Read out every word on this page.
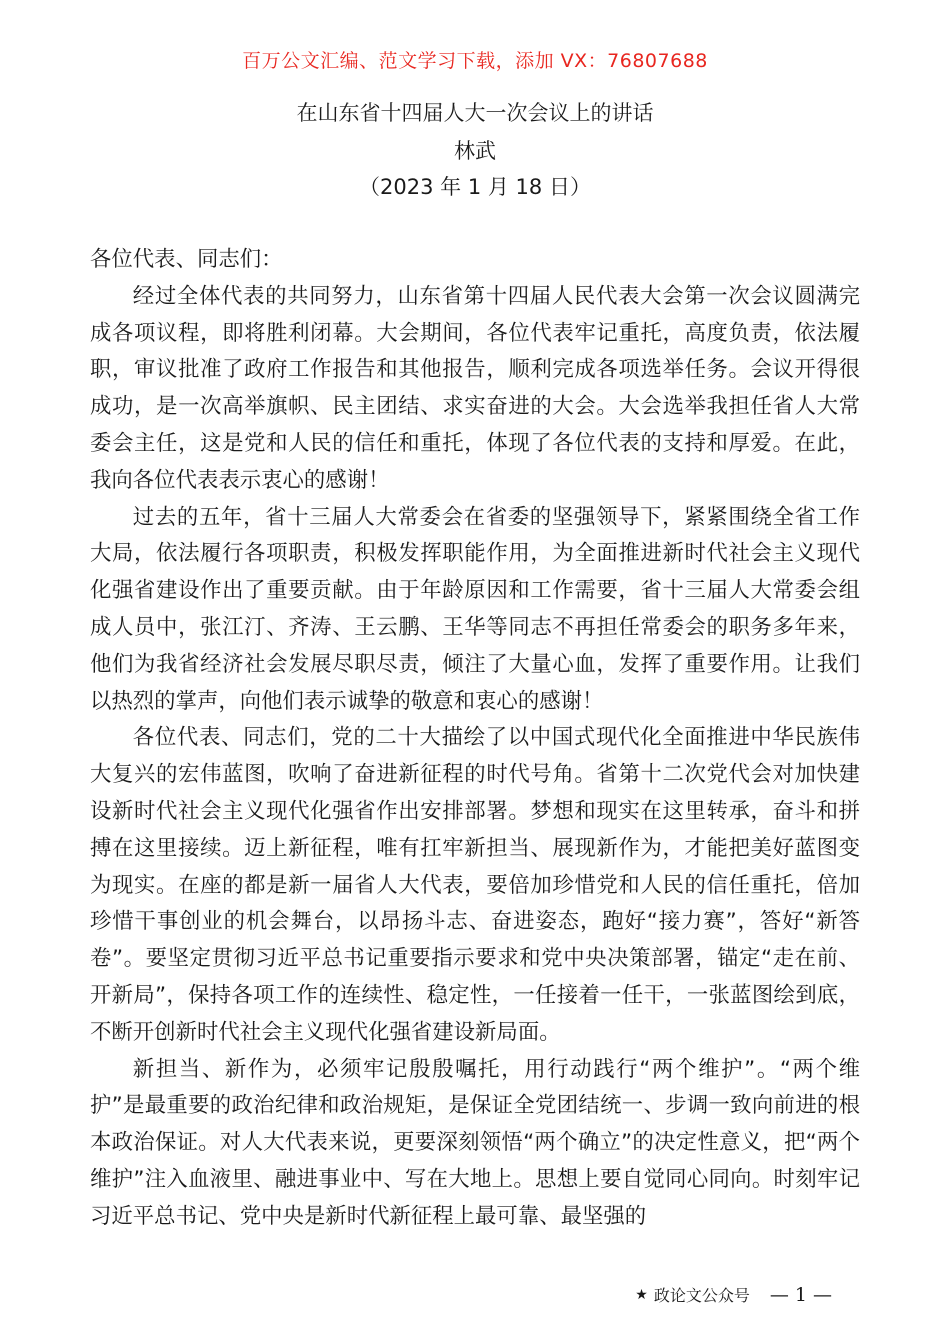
百万公文汇编、范文学习下载，添加 VX：76807688
在山东省十四届人大一次会议上的讲话
林武
（2023 年 1 月 18 日）

各位代表、同志们：

经过全体代表的共同努力，山东省第十四届人民代表大会第一次会议圆满完成各项议程，即将胜利闭幕。大会期间，各位代表牢记重托，高度负责，依法履职，审议批准了政府工作报告和其他报告，顺利完成各项选举任务。会议开得很成功，是一次高举旗帜、民主团结、求实奋进的大会。大会选举我担任省人大常委会主任，这是党和人民的信任和重托，体现了各位代表的支持和厚爱。在此，我向各位代表表示衷心的感谢！

过去的五年，省十三届人大常委会在省委的坚强领导下，紧紧围绕全省工作大局，依法履行各项职责，积极发挥职能作用，为全面推进新时代社会主义现代化强省建设作出了重要贡献。由于年龄原因和工作需要，省十三届人大常委会组成人员中，张江汀、齐涛、王云鹏、王华等同志不再担任常委会的职务多年来，他们为我省经济社会发展尽职尽责，倾注了大量心血，发挥了重要作用。让我们以热烈的掌声，向他们表示诚挚的敬意和衷心的感谢！

各位代表、同志们，党的二十大描绘了以中国式现代化全面推进中华民族伟大复兴的宏伟蓝图，吹响了奋进新征程的时代号角。省第十二次党代会对加快建设新时代社会主义现代化强省作出安排部署。梦想和现实在这里转承，奋斗和拼搏在这里接续。迈上新征程，唯有扛牢新担当、展现新作为，才能把美好蓝图变为现实。在座的都是新一届省人大代表，要倍加珍惜党和人民的信任重托，倍加珍惜干事创业的机会舞台，以昂扬斗志、奋进姿态，跑好“接力赛”，答好“新答卷”。要坚定贯彻习近平总书记重要指示要求和党中央决策部署，锚定“走在前、开新局”，保持各项工作的连续性、稳定性，一任接着一任干，一张蓝图绘到底，不断开创新时代社会主义现代化强省建设新局面。

新担当、新作为，必须牢记殷殷嘱托，用行动践行“两个维护”。“两个维护”是最重要的政治纪律和政治规矩，是保证全党团结统一、步调一致向前进的根本政治保证。对人大代表来说，更要深刻领悟“两个确立”的决定性意义，把“两个维护”注入血液里、融进事业中、写在大地上。思想上要自觉同心同向。时刻牢记习近平总书记、党中央是新时代新征程上最可靠、最坚强的

★ 政论文公众号 — 1 —
